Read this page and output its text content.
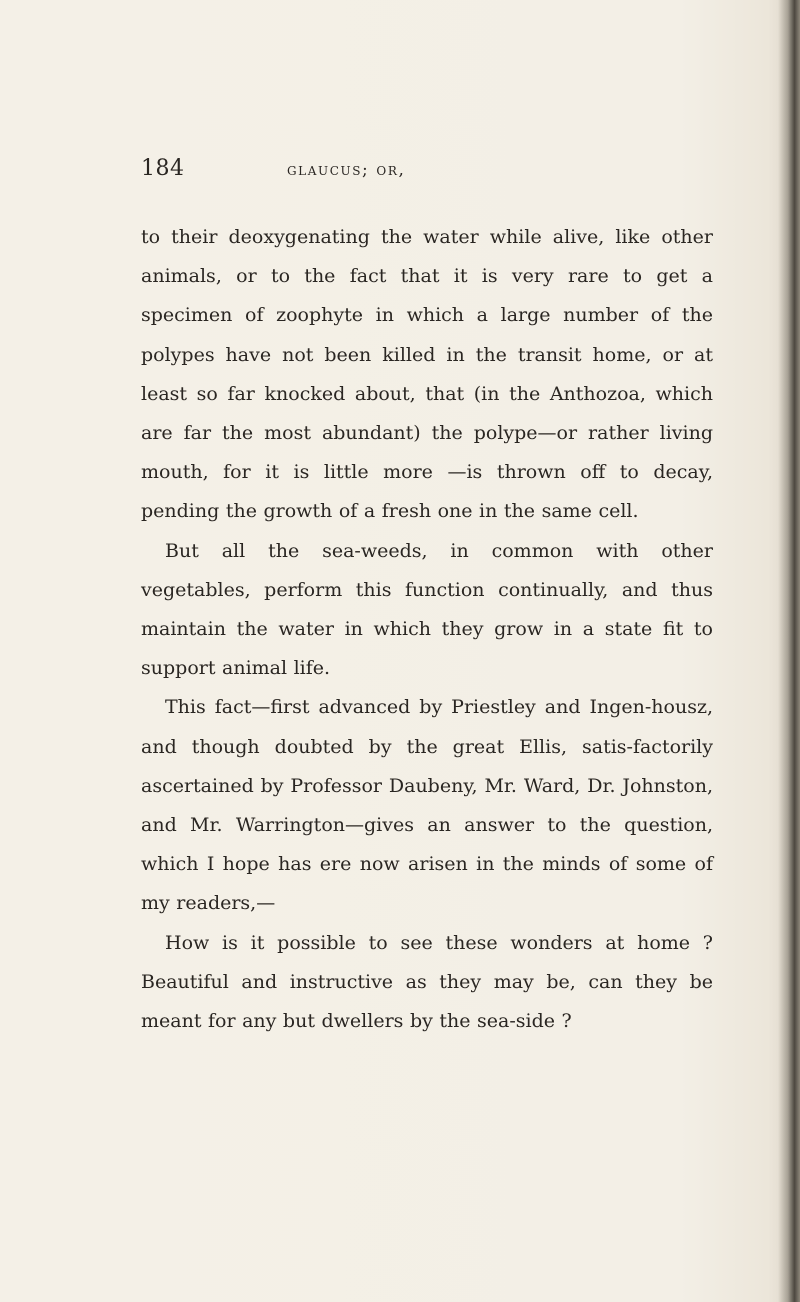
184	glaucus; or,

to their deoxygenating the water while alive, like other animals, or to the fact that it is very rare to get a specimen of zoophyte in which a large number of the polypes have not been killed in the transit home, or at least so far knocked about, that (in the Anthozoa, which are far the most abundant) the polype—or rather living mouth, for it is little more —is thrown off to decay, pending the growth of a fresh one in the same cell.

But all the sea-weeds, in common with other vegetables, perform this function continually, and thus maintain the water in which they grow in a state fit to support animal life.

This fact—first advanced by Priestley and Ingen-housz, and though doubted by the great Ellis, satis-factorily ascertained by Professor Daubeny, Mr. Ward, Dr. Johnston, and Mr. Warrington—gives an answer to the question, which I hope has ere now arisen in the minds of some of my readers,—

How is it possible to see these wonders at home ? Beautiful and instructive as they may be, can they be meant for any but dwellers by the sea-side ?
